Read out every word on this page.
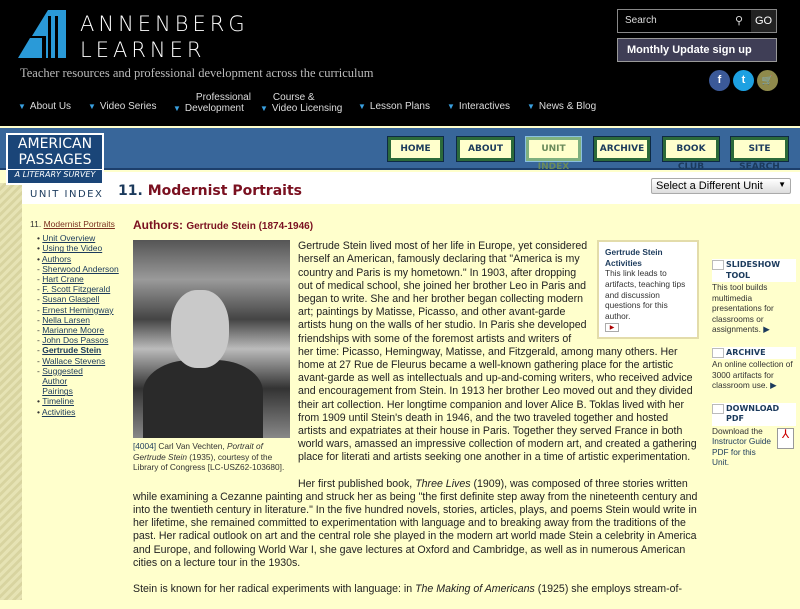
ANNENBERG
LEARNER
Teacher resources and professional development across the curriculum
▼ About Us ▼ Video Series ▼
Professional
Development	▼
Course &
Video Licensing ▼ Lesson Plans ▼ Interactives ▼ News & Blog
Search	⚲	GO
Monthly Update sign up
f	t	🛒
AMERICAN
PASSAGES
A LITERARY SURVEY
HOME	ABOUT	UNIT INDEX
ARCHIVE	BOOK CLUB
SITE SEARCH
UNIT INDEX 11. Modernist Portraits	Select a Different Unit ▼
11. Modernist Portraits
• Unit Overview
• Using the Video
• Authors
- Sherwood Anderson
- Hart Crane
- F. Scott Fitzgerald
- Susan Glaspell
- Ernest Hemingway
- Nella Larsen
- Marianne Moore
- John Dos Passos
- Gertrude Stein
- Wallace Stevens
- Suggested Author Pairings
• Timeline
• Activities
Authors: Gertrude Stein (1874-1946)
[4004] Carl Van Vechten, Portrait of Gertrude Stein (1935), courtesy of the Library of Congress [LC-USZ62-103680].
Gertrude Stein Activities
This link leads to artifacts, teaching tips and discussion questions for this author.
▶

Gertrude Stein lived most of her life in Europe, yet considered herself an American, famously declaring that "America is my country and Paris is my hometown." In 1903, after dropping out of medical school, she joined her brother Leo in Paris and began to write. She and her brother began collecting modern art; paintings by Matisse, Picasso, and other avant-garde artists hung on the walls of her studio. In Paris she developed friendships with some of the foremost artists and writers of her time: Picasso, Hemingway, Matisse, and Fitzgerald, among many others. Her home at 27 Rue de Fleurus became a well-known gathering place for the artistic avant-garde as well as intellectuals and up-and-coming writers, who received advice and encouragement from Stein. In 1913 her brother Leo moved out and they divided their art collection. Her longtime companion and lover Alice B. Toklas lived with her from 1909 until Stein's death in 1946, and the two traveled together and hosted artists and expatriates at their house in Paris. Together they served France in both world wars, amassed an impressive collection of modern art, and created a gathering place for literati and artists seeking one another in a time of artistic experimentation.

Her first published book, Three Lives (1909), was composed of three stories written while examining a Cezanne painting and struck her as being "the first definite step away from the nineteenth century and into the twentieth century in literature." In the five hundred novels, stories, articles, plays, and poems Stein would write in her lifetime, she remained committed to experimentation with language and to breaking away from the traditions of the past. Her radical outlook on art and the central role she played in the modern art world made Stein a celebrity in America and Europe, and following World War I, she gave lectures at Oxford and Cambridge, as well as in numerous American cities on a lecture tour in the 1930s.

Stein is known for her radical experiments with language: in The Making of Americans (1925) she employs stream-of-

SLIDESHOW TOOL
This tool builds multimedia presentations for classrooms or assignments. ▶
ARCHIVE
An online collection of 3000 artifacts for classroom use. ▶
DOWNLOAD PDF
⅄
Download the Instructor Guide PDF for this Unit.
